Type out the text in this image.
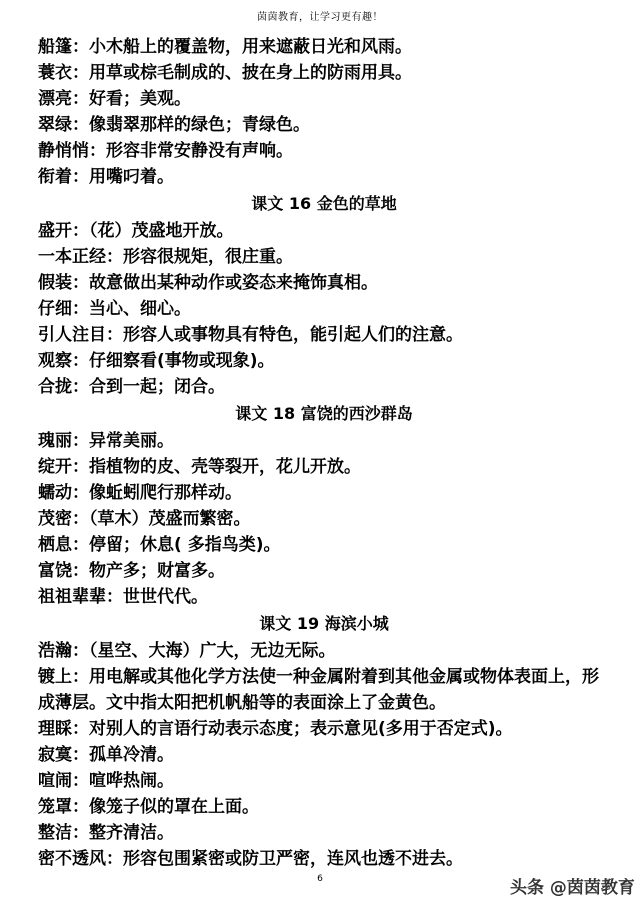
茵茵教育，让学习更有趣！
船篷：小木船上的覆盖物，用来遮蔽日光和风雨。
蓑衣：用草或棕毛制成的、披在身上的防雨用具。
漂亮：好看；美观。
翠绿：像翡翠那样的绿色；青绿色。
静悄悄：形容非常安静没有声响。
衔着：用嘴叼着。
课文 16 金色的草地
盛开：（花）茂盛地开放。
一本正经：形容很规矩，很庄重。
假装：故意做出某种动作或姿态来掩饰真相。
仔细：当心、细心。
引人注目：形容人或事物具有特色，能引起人们的注意。
观察：仔细察看(事物或现象)。
合拢：合到一起；闭合。
课文 18 富饶的西沙群岛
瑰丽：异常美丽。
绽开：指植物的皮、壳等裂开，花儿开放。
蠕动：像蚯蚓爬行那样动。
茂密：（草木）茂盛而繁密。
栖息：停留；休息( 多指鸟类)。
富饶：物产多；财富多。
祖祖辈辈：世世代代。
课文 19 海滨小城
浩瀚：（星空、大海）广大，无边无际。
镀上：用电解或其他化学方法使一种金属附着到其他金属或物体表面上，形成薄层。文中指太阳把机帆船等的表面涂上了金黄色。
理睬：对别人的言语行动表示态度；表示意见(多用于否定式)。
寂寞：孤单冷清。
喧闹：喧哗热闹。
笼罩：像笼子似的罩在上面。
整洁：整齐清洁。
密不透风：形容包围紧密或防卫严密，连风也透不进去。
6	头条 @茵茵教育
